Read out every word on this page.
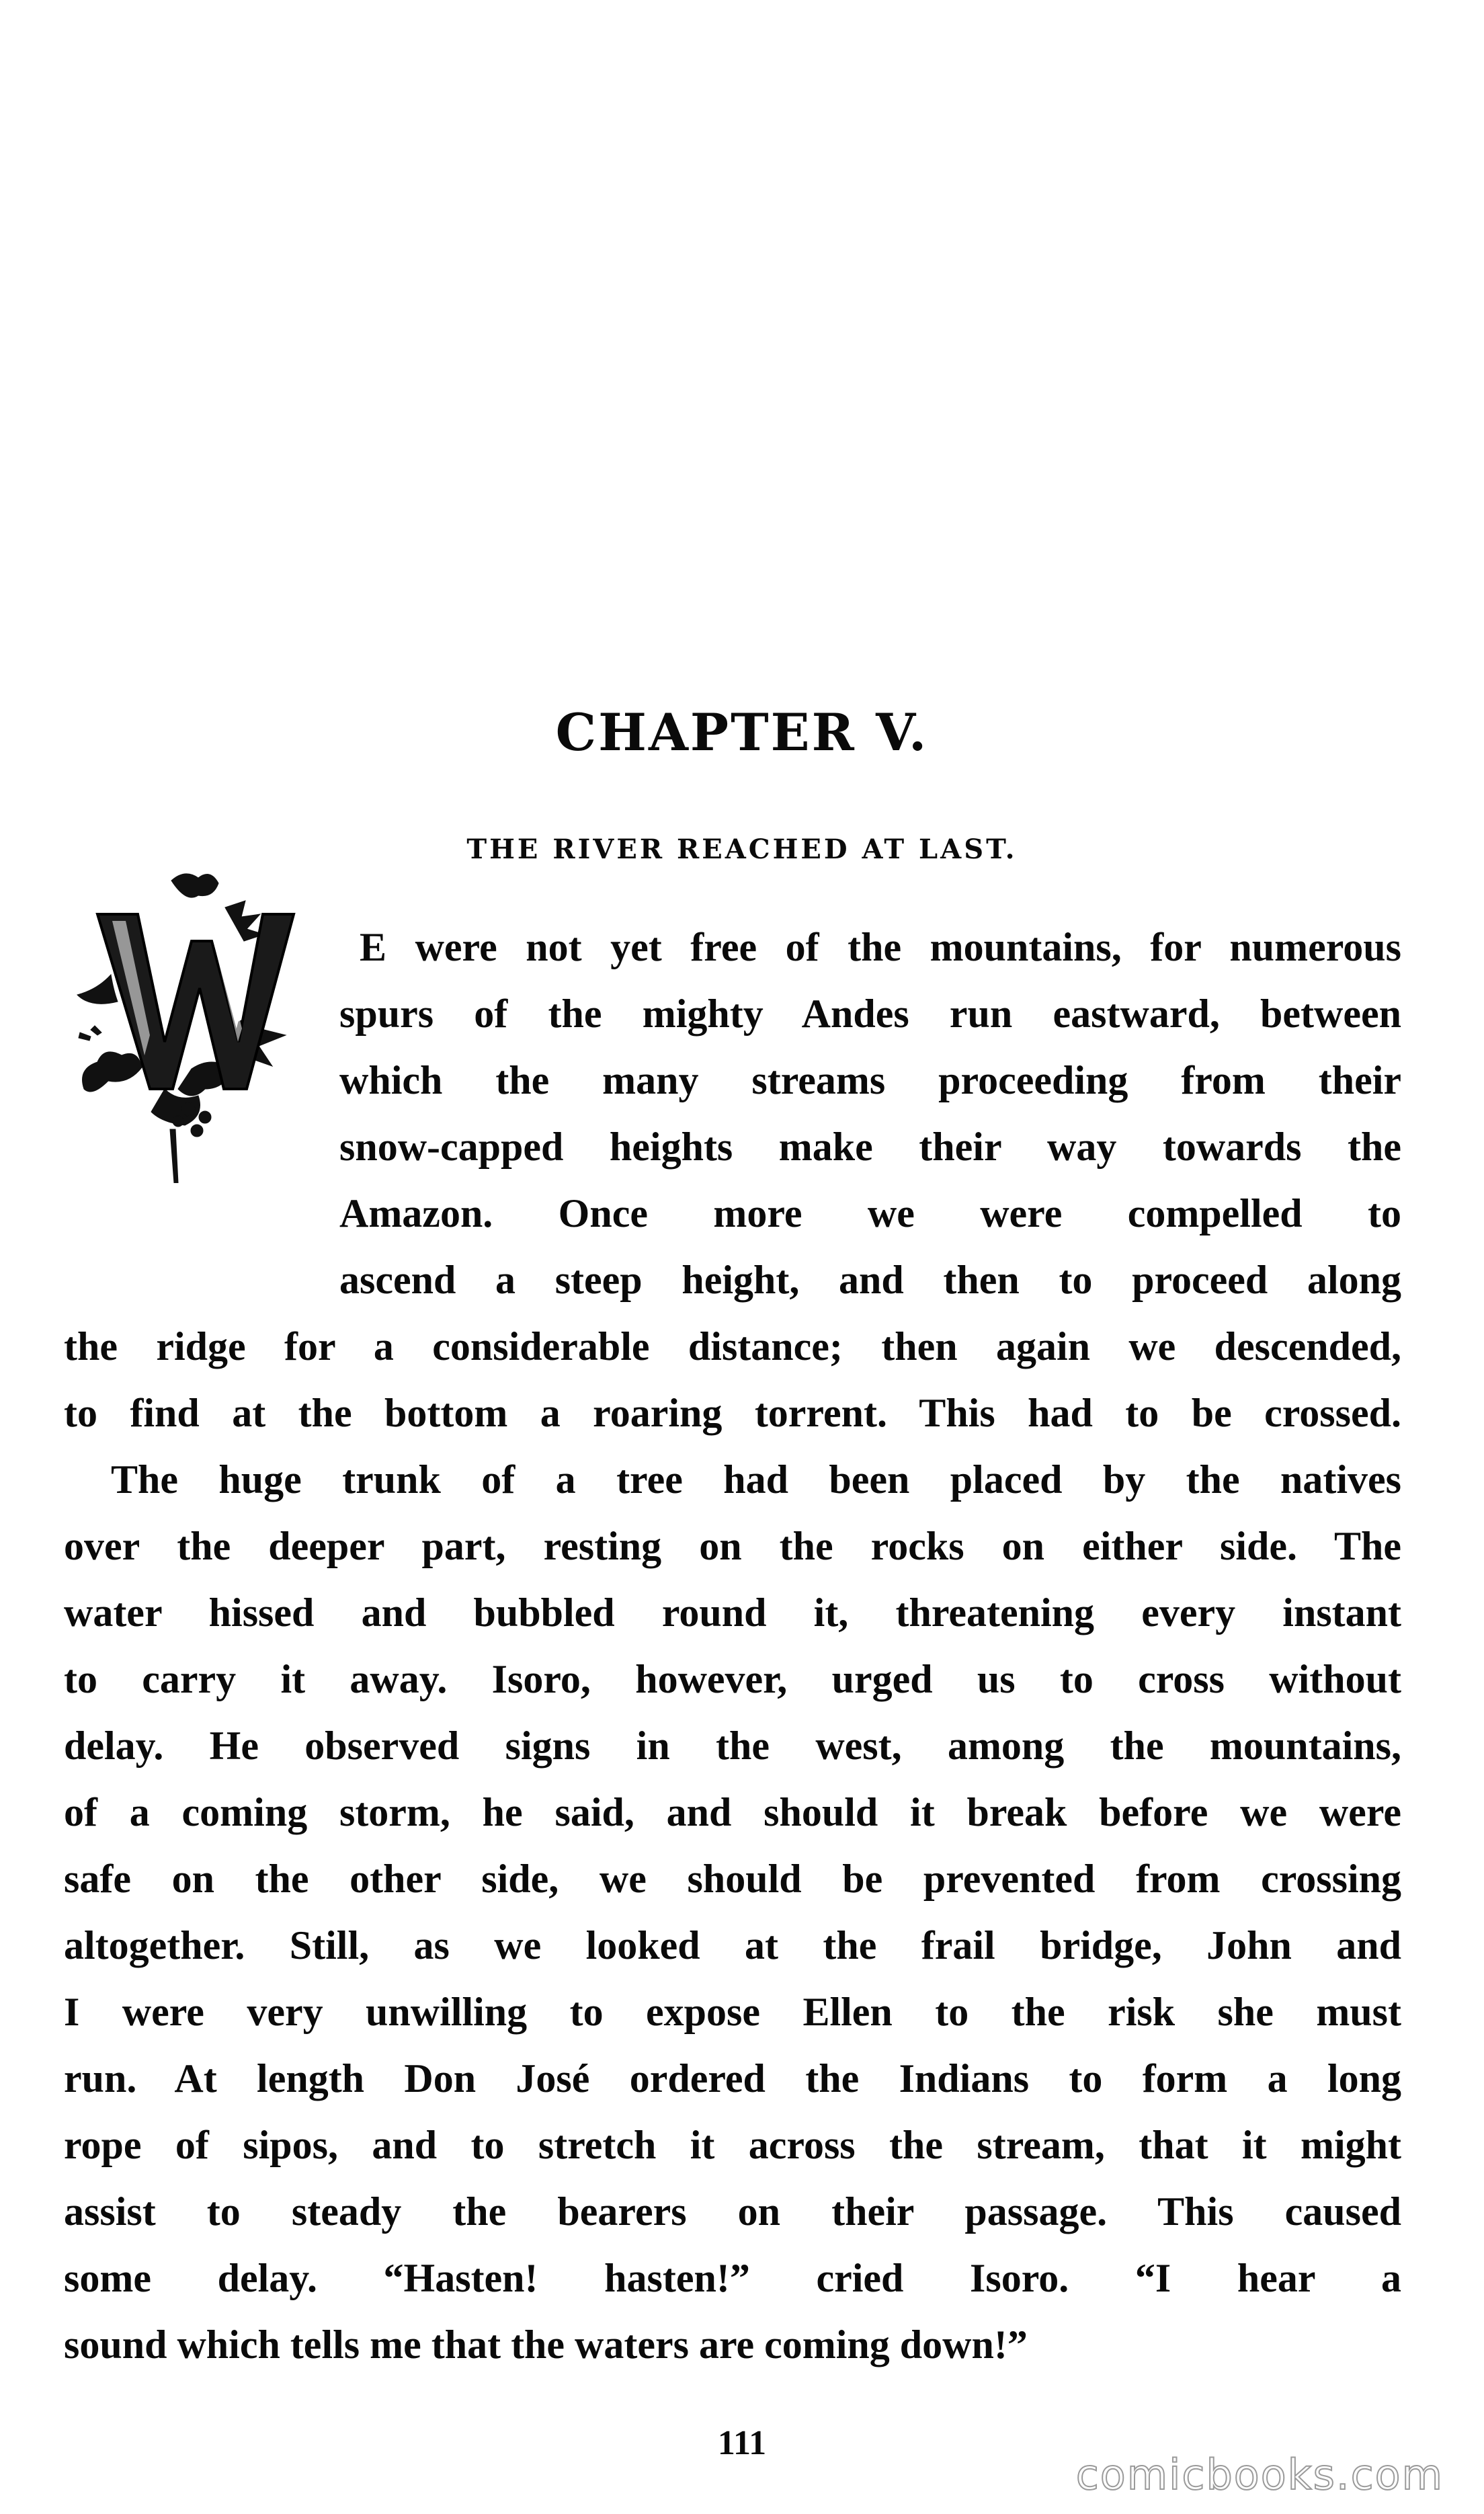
CHAPTER V.
THE RIVER REACHED AT LAST.
E were not yet free of the mountains, for numerous
spurs of the mighty Andes run eastward, between
which the many streams proceeding from their
snow-capped heights make their way towards the
Amazon. Once more we were compelled to
ascend a steep height, and then to proceed along
the ridge for a considerable distance; then again we descended,
to find at the bottom a roaring torrent. This had to be crossed.
The huge trunk of a tree had been placed by the natives
over the deeper part, resting on the rocks on either side. The
water hissed and bubbled round it, threatening every instant
to carry it away. Isoro, however, urged us to cross without
delay. He observed signs in the west, among the mountains,
of a coming storm, he said, and should it break before we were
safe on the other side, we should be prevented from crossing
altogether. Still, as we looked at the frail bridge, John and
I were very unwilling to expose Ellen to the risk she must
run. At length Don José ordered the Indians to form a long
rope of sipos, and to stretch it across the stream, that it might
assist to steady the bearers on their passage. This caused
some delay. “Hasten! hasten!” cried Isoro. “I hear a
sound which tells me that the waters are coming down!”
111
comicbooks.com
